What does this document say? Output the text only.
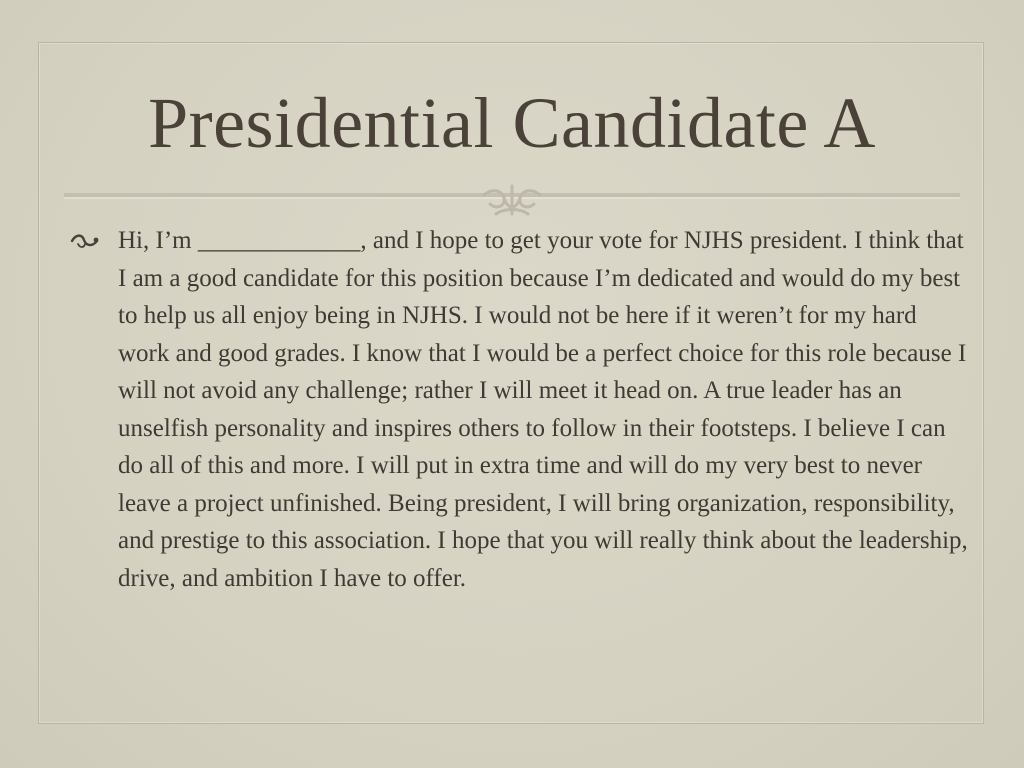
Presidential Candidate A

Hi, I’m _____________, and I hope to get your vote for NJHS president. I think that I am a good candidate for this position because I’m dedicated and would do my best to help us all enjoy being in NJHS. I would not be here if it weren’t for my hard work and good grades. I know that I would be a perfect choice for this role because I will not avoid any challenge; rather I will meet it head on. A true leader has an unselfish personality and inspires others to follow in their footsteps. I believe I can do all of this and more. I will put in extra time and will do my very best to never leave a project unfinished. Being president, I will bring organization, responsibility, and prestige to this association. I hope that you will really think about the leadership, drive, and ambition I have to offer.
